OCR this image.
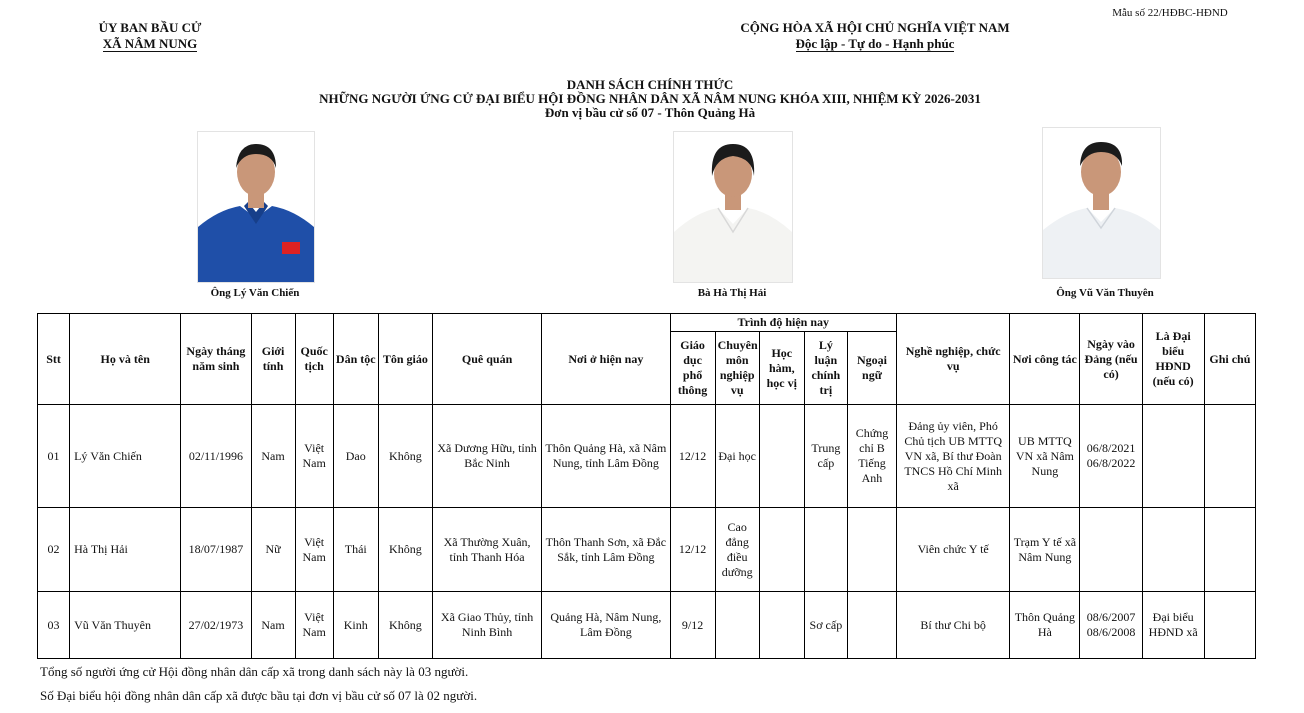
ỦY BAN BẦU CỬ
XÃ NÂM NUNG
CỘNG HÒA XÃ HỘI CHỦ NGHĨA VIỆT NAM
Độc lập - Tự do - Hạnh phúc
Mẫu số 22/HĐBC-HĐND
DANH SÁCH CHÍNH THỨC
NHỮNG NGƯỜI ỨNG CỬ ĐẠI BIỂU HỘI ĐỒNG NHÂN DÂN XÃ NÂM NUNG KHÓA XIII, NHIỆM KỲ 2026-2031
Đơn vị bầu cử số 07 - Thôn Quảng Hà
Ông Lý Văn Chiến	Bà Hà Thị Hải	Ông Vũ Văn Thuyên
Stt	Họ và tên	Ngày tháng năm sinh	Giới tính	Quốc tịch	Dân tộc	Tôn giáo	Quê quán	Nơi ở hiện nay	Trình độ hiện nay					Nghề nghiệp, chức vụ	Nơi công tác	Ngày vào Đảng (nếu có)	Là Đại biểu HĐND (nếu có)	Ghi chú
									Giáo dục phổ thông	Chuyên môn nghiệp vụ	Học hàm, học vị	Lý luận chính trị	Ngoại ngữ					
01	Lý Văn Chiến	02/11/1996	Nam	Việt Nam	Dao	Không	Xã Dương Hữu, tỉnh Bắc Ninh	Thôn Quảng Hà, xã Nâm Nung, tỉnh Lâm Đồng	12/12	Đại học		Trung cấp	Chứng chỉ B Tiếng Anh	Đảng ủy viên, Phó Chủ tịch UB MTTQ VN xã, Bí thư Đoàn TNCS Hồ Chí Minh xã	UB MTTQ VN xã Nâm Nung	06/8/2021 06/8/2022		
02	Hà Thị Hải	18/07/1987	Nữ	Việt Nam	Thái	Không	Xã Thường Xuân, tỉnh Thanh Hóa	Thôn Thanh Sơn, xã Đắc Sắk, tỉnh Lâm Đồng	12/12	Cao đẳng điều dưỡng				Viên chức Y tế	Trạm Y tế xã Nâm Nung			
03	Vũ Văn Thuyên	27/02/1973	Nam	Việt Nam	Kinh	Không	Xã Giao Thủy, tỉnh Ninh Bình	Quảng Hà, Nâm Nung, Lâm Đồng	9/12			Sơ cấp		Bí thư Chi bộ	Thôn Quảng Hà	08/6/2007 08/6/2008	Đại biểu HĐND xã	
Tổng số người ứng cử Hội đồng nhân dân cấp xã trong danh sách này là 03 người.
Số Đại biểu hội đồng nhân dân cấp xã được bầu tại đơn vị bầu cử số 07 là 02 người.
